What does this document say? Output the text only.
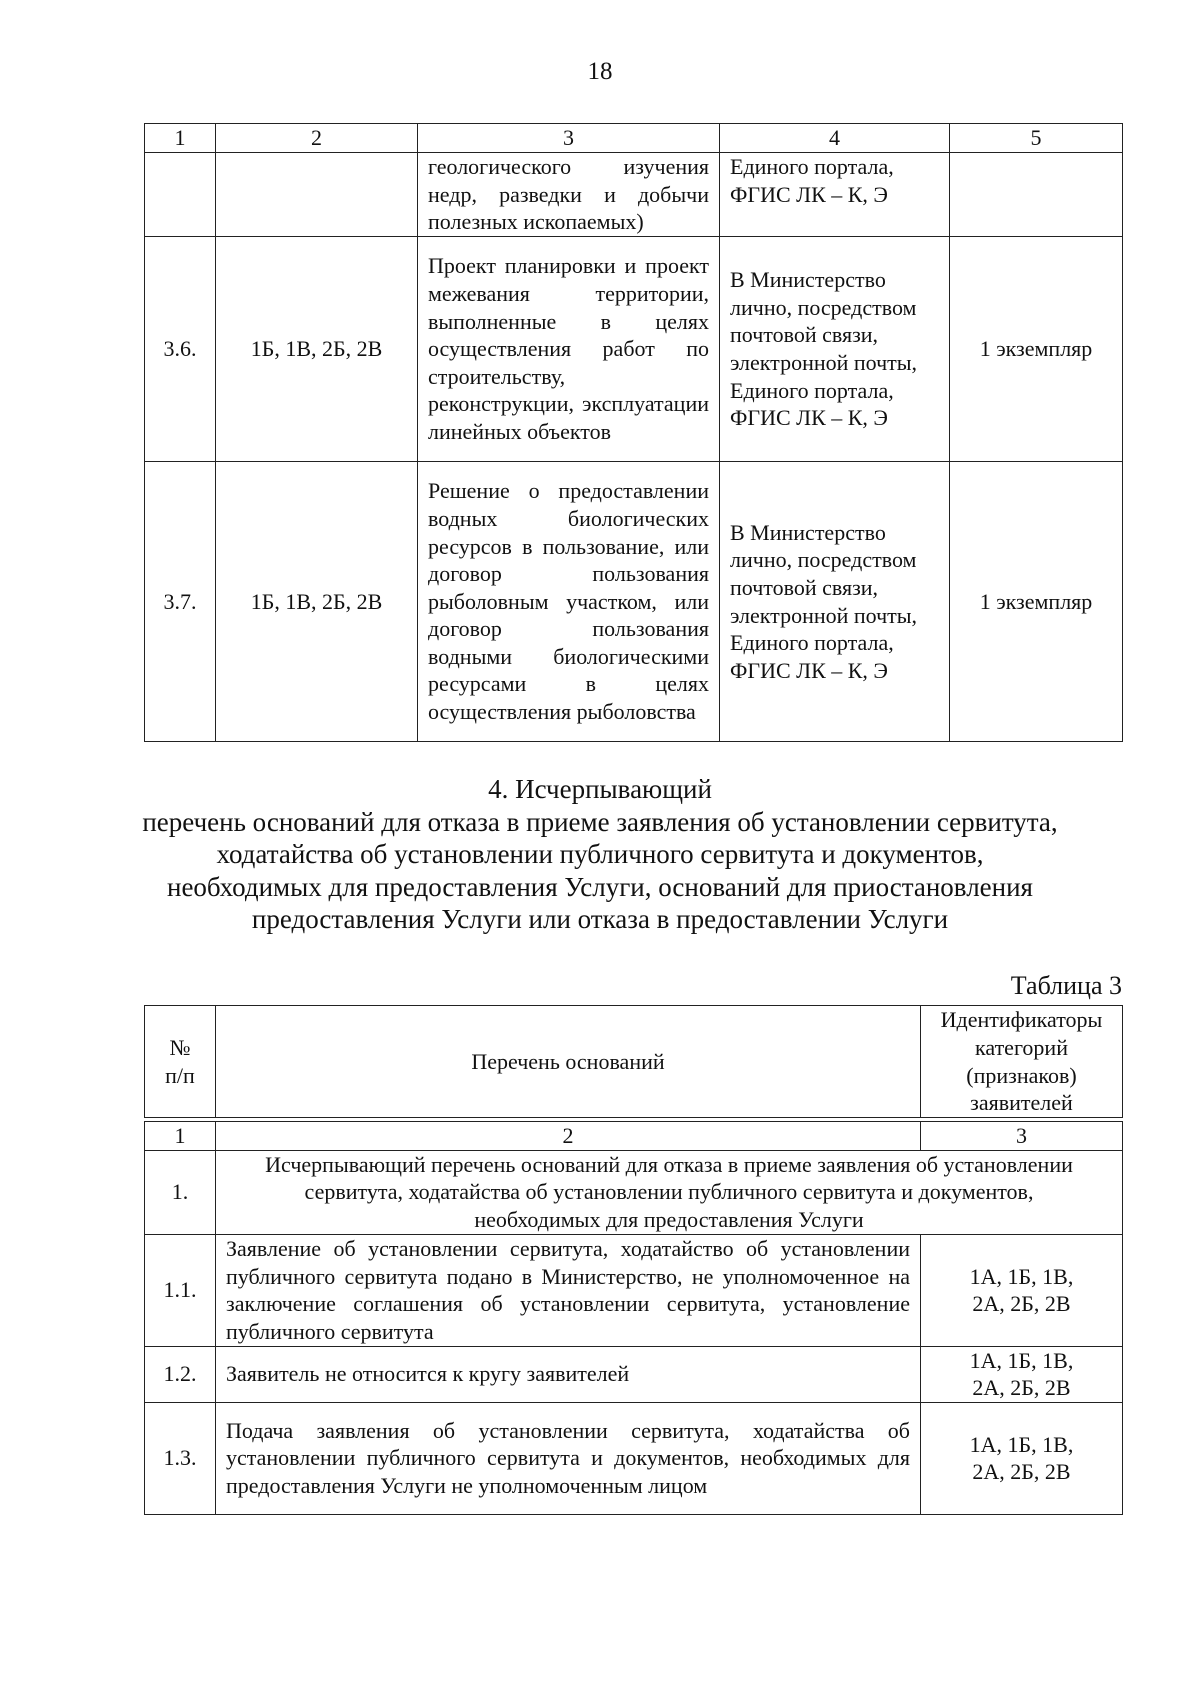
18
1	2	3	4	5
		геологического изучения недр, разведки и добычи полезных ископаемых)	Единого портала, ФГИС ЛК – К, Э	
3.6.	1Б, 1В, 2Б, 2В	Проект планировки и проект межевания территории, выполненные в целях осуществления работ по строительству, реконструкции, эксплуатации линейных объектов	В Министерство лично, посредством почтовой связи, электронной почты, Единого портала, ФГИС ЛК – К, Э	1 экземпляр
3.7.	1Б, 1В, 2Б, 2В	Решение о предоставлении водных биологических ресурсов в пользование, или договор пользования рыболовным участком, или договор пользования водными биологическими ресурсами в целях осуществления рыболовства	В Министерство лично, посредством почтовой связи, электронной почты, Единого портала, ФГИС ЛК – К, Э	1 экземпляр
4. Исчерпывающий
перечень оснований для отказа в приеме заявления об установлении сервитута,
ходатайства об установлении публичного сервитута и документов,
необходимых для предоставления Услуги, оснований для приостановления
предоставления Услуги или отказа в предоставлении Услуги
Таблица 3
№ п/п	Перечень оснований	Идентификаторы категорий (признаков) заявителей

1	2	3
1.	Исчерпывающий перечень оснований для отказа в приеме заявления об установлении сервитута, ходатайства об установлении публичного сервитута и документов, необходимых для предоставления Услуги	
1.1.	Заявление об установлении сервитута, ходатайство об установлении публичного сервитута подано в Министерство, не уполномоченное на заключение соглашения об установлении сервитута, установление публичного сервитута	1А, 1Б, 1В, 2А, 2Б, 2В
1.2.	Заявитель не относится к кругу заявителей	1А, 1Б, 1В, 2А, 2Б, 2В
1.3.	Подача заявления об установлении сервитута, ходатайства об установлении публичного сервитута и документов, необходимых для предоставления Услуги не уполномоченным лицом	1А, 1Б, 1В, 2А, 2Б, 2В
